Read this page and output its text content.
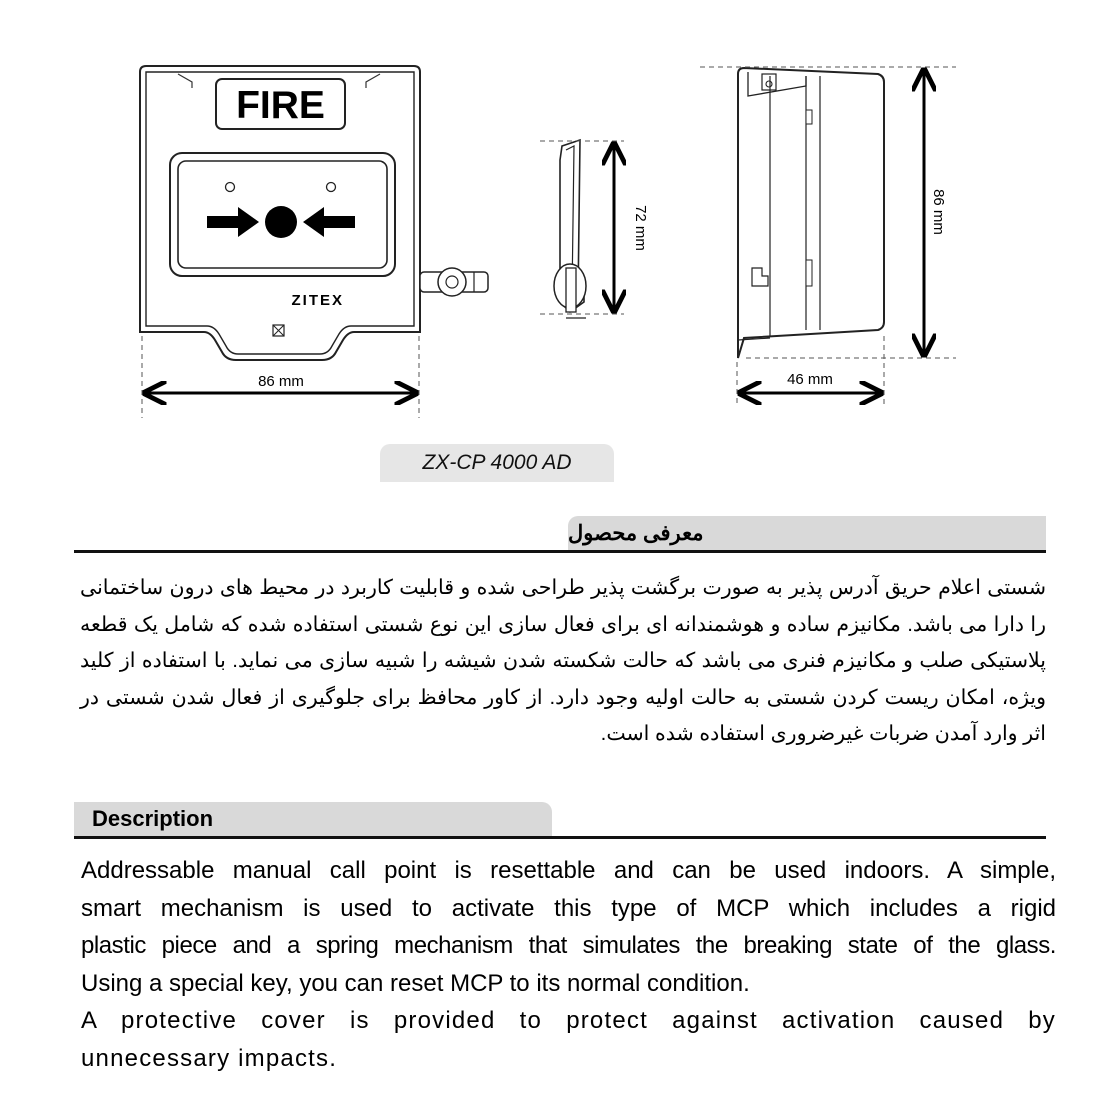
FIRE
ZITEX
86 mm
72 mm	86 mm
46 mm
ZX-CP 4000 AD
معرفی محصول
شستی اعلام حریق آدرس پذیر به صورت برگشت پذیر طراحی شده و قابلیت کاربرد در محیط های درون ساختمانی را دارا می باشد. مکانیزم ساده و هوشمندانه ای برای فعال سازی این نوع شستی استفاده شده که شامل یک قطعه پلاستیکی صلب و مکانیزم فنری می باشد که حالت شکسته شدن شیشه را شبیه سازی می نماید. با استفاده از کلید ویژه، امکان ریست کردن شستی به حالت اولیه وجود دارد. از کاور محافظ برای جلوگیری از فعال شدن شستی در اثر وارد آمدن ضربات غیرضروری استفاده شده است.
Description

Addressable manual call point is resettable and can be used indoors. A simple,

smart mechanism is used to activate this type of MCP which includes a rigid

plastic piece and a spring mechanism that simulates the breaking state of the glass.

Using a special key, you can reset MCP to its normal condition.

A protective cover is provided to protect against activation caused by

unnecessary impacts.
